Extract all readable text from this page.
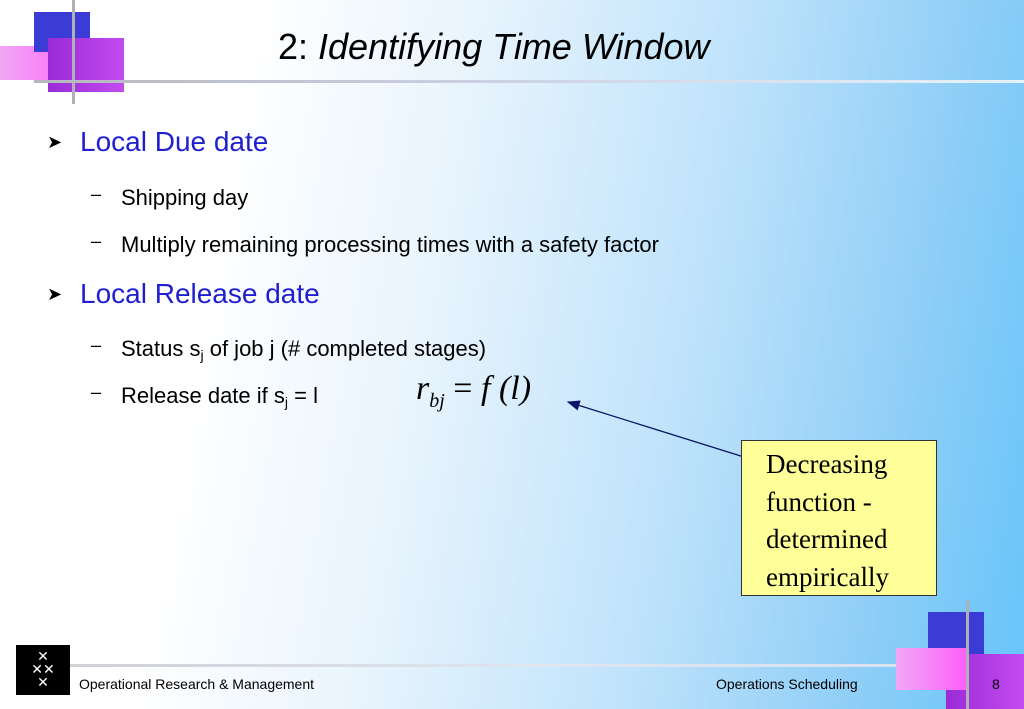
2: Identifying Time Window
➤ Local Due date
– Shipping day
– Multiply remaining processing times with a safety factor
➤ Local Release date
– Status $s_j$ of job j (# completed stages)
– Release date if $s_j = l$	$r_{bj} = f$ (l)
Decreasing
function -
determined
empirically
✕
✕✕
✕ Operational Research & Management	Operations Scheduling	8
